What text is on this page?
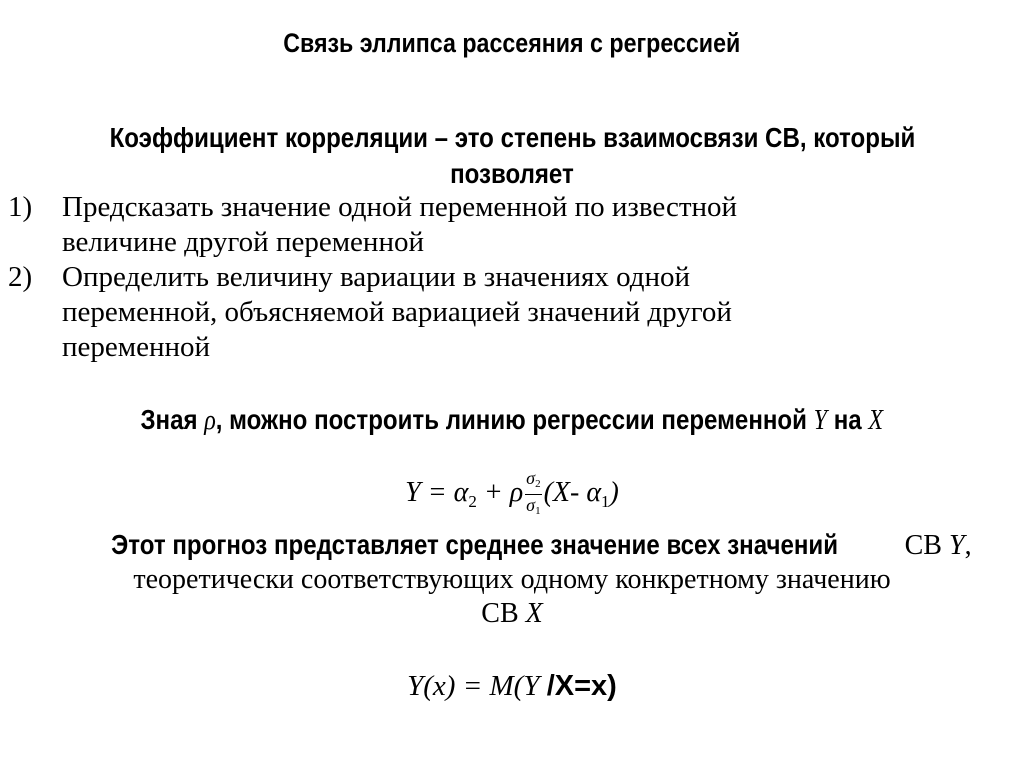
Связь эллипса рассеяния с регрессией
Коэффициент корреляции – это степень взаимосвязи СВ, который
позволяет
1) Предсказать значение одной переменной по известной
величине другой переменной
2) Определить величину вариации в значениях одной
переменной, объясняемой вариацией значений другой
переменной
Зная ρ, можно построить линию регрессии переменной Y на X
$Y = \alpha_2 + \rho \frac{\sigma_2}{\sigma_1} (X-$ $\alpha_1$)
Этот прогноз представляет среднее значение всех значений СВ Y,
теоретически соответствующих одному конкретному значению
СВ X
Y(x) = M(Y /X=x)
